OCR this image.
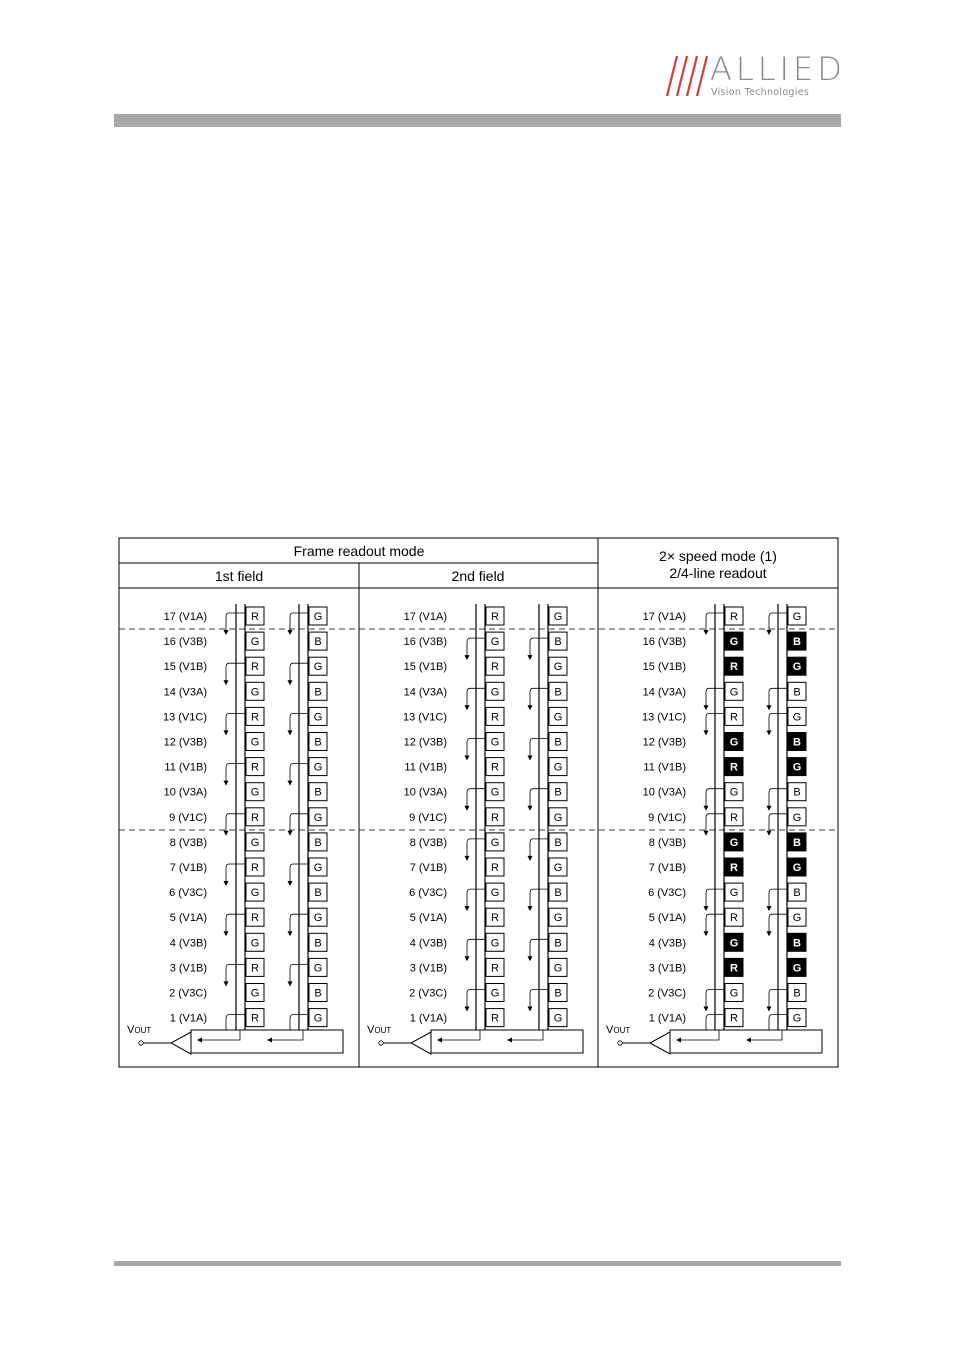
ALLIED
Vision Technologies
Frame readout mode
1st field	2nd field
2× speed mode (1)
2/4-line readout
17 (V1A)	R	G
16 (V3B)	G	B
15 (V1B)	R	G
14 (V3A)	G	B
13 (V1C)	R	G
12 (V3B)	G	B
11 (V1B)	R	G
10 (V3A)	G	B
9 (V1C)	R	G
8 (V3B)	G	B
7 (V1B)	R	G
6 (V3C)	G	B
5 (V1A)	R	G
4 (V3B)	G	B
3 (V1B)	R	G
2 (V3C)	G	B
1 (V1A)	R	G
VOUT
17 (V1A)	R	G
16 (V3B)	G	B
15 (V1B)	R	G
14 (V3A)	G	B
13 (V1C)	R	G
12 (V3B)	G	B
11 (V1B)	R	G
10 (V3A)	G	B
9 (V1C)	R	G
8 (V3B)	G	B
7 (V1B)	R	G
6 (V3C)	G	B
5 (V1A)	R	G
4 (V3B)	G	B
3 (V1B)	R	G
2 (V3C)	G	B
1 (V1A)	R	G
VOUT
17 (V1A)	R	G
16 (V3B)	G	B
15 (V1B)	R	G
14 (V3A)	G	B
13 (V1C)	R	G
12 (V3B)	G	B
11 (V1B)	R	G
10 (V3A)	G	B
9 (V1C)	R	G
8 (V3B)	G	B
7 (V1B)	R	G
6 (V3C)	G	B
5 (V1A)	R	G
4 (V3B)	G	B
3 (V1B)	R	G
2 (V3C)	G	B
1 (V1A)	R	G
VOUT
